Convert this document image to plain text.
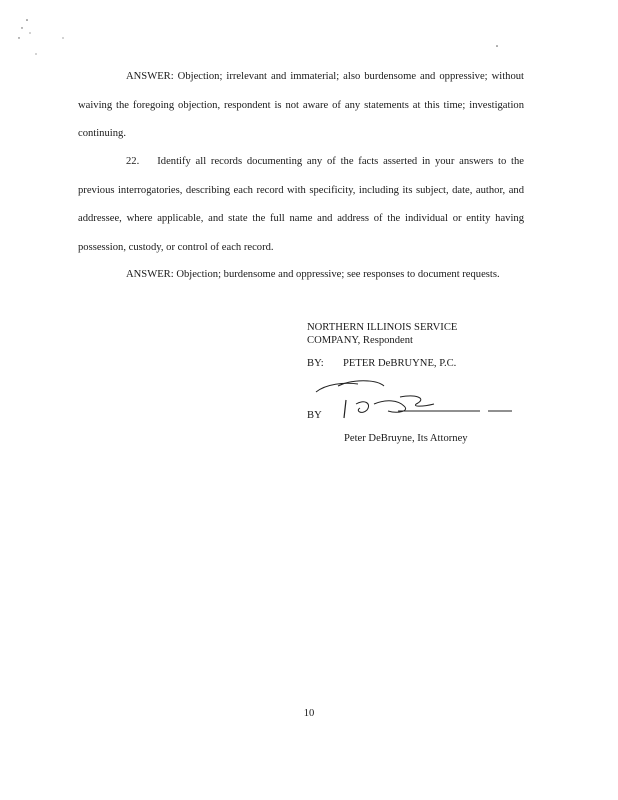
ANSWER: Objection; irrelevant and immaterial; also burdensome and oppressive; without waiving the foregoing objection, respondent is not aware of any statements at this time; investigation continuing.

22. Identify all records documenting any of the facts asserted in your answers to the previous interrogatories, describing each record with specificity, including its subject, date, author, and addressee, where applicable, and state the full name and address of the individual or entity having possession, custody, or control of each record.

ANSWER: Objection; burdensome and oppressive; see responses to document requests.

NORTHERN ILLINOIS SERVICE

COMPANY, Respondent

BY: PETER DeBRUYNE, P.C.
BY
Peter DeBruyne, Its Attorney
10
